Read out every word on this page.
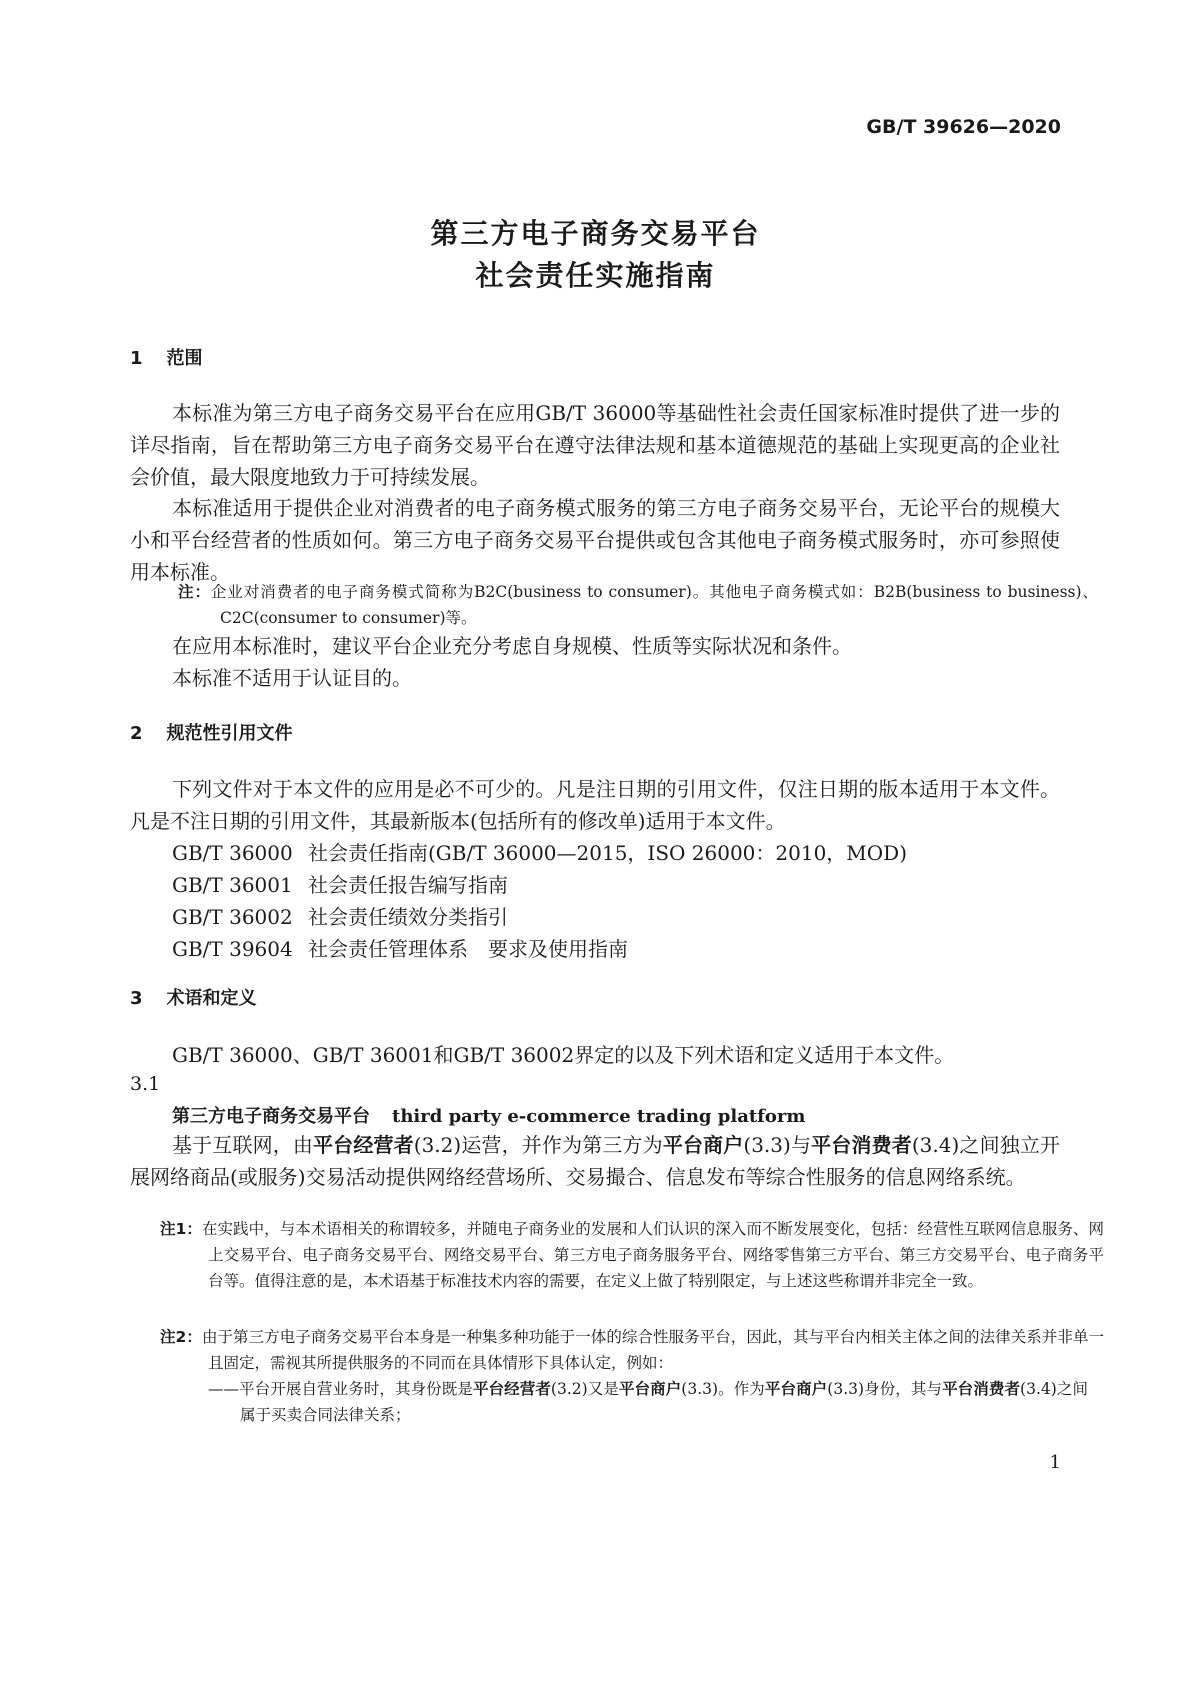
GB/T 39626—2020
第三方电子商务交易平台
社会责任实施指南
1 范围

本标准为第三方电子商务交易平台在应用GB/T 36000等基础性社会责任国家标准时提供了进一步的详尽指南，旨在帮助第三方电子商务交易平台在遵守法律法规和基本道德规范的基础上实现更高的企业社会价值，最大限度地致力于可持续发展。

本标准适用于提供企业对消费者的电子商务模式服务的第三方电子商务交易平台，无论平台的规模大小和平台经营者的性质如何。第三方电子商务交易平台提供或包含其他电子商务模式服务时，亦可参照使用本标准。

注：企业对消费者的电子商务模式简称为B2C(business to consumer)。其他电子商务模式如：B2B(business to business)、C2C(consumer to consumer)等。

在应用本标准时，建议平台企业充分考虑自身规模、性质等实际状况和条件。

本标准不适用于认证目的。

2 规范性引用文件

下列文件对于本文件的应用是必不可少的。凡是注日期的引用文件，仅注日期的版本适用于本文件。凡是不注日期的引用文件，其最新版本(包括所有的修改单)适用于本文件。

GB/T 36000 社会责任指南(GB/T 36000—2015，ISO 26000：2010，MOD)
GB/T 36001 社会责任报告编写指南
GB/T 36002 社会责任绩效分类指引
GB/T 39604 社会责任管理体系　要求及使用指南
3 术语和定义

GB/T 36000、GB/T 36001和GB/T 36002界定的以及下列术语和定义适用于本文件。

3.1
第三方电子商务交易平台 third party e-commerce trading platform

基于互联网，由平台经营者(3.2)运营，并作为第三方为平台商户(3.3)与平台消费者(3.4)之间独立开展网络商品(或服务)交易活动提供网络经营场所、交易撮合、信息发布等综合性服务的信息网络系统。

注1：在实践中，与本术语相关的称谓较多，并随电子商务业的发展和人们认识的深入而不断发展变化，包括：经营性互联网信息服务、网上交易平台、电子商务交易平台、网络交易平台、第三方电子商务服务平台、网络零售第三方平台、第三方交易平台、电子商务平台等。值得注意的是，本术语基于标准技术内容的需要，在定义上做了特别限定，与上述这些称谓并非完全一致。
注2：由于第三方电子商务交易平台本身是一种集多种功能于一体的综合性服务平台，因此，其与平台内相关主体之间的法律关系并非单一且固定，需视其所提供服务的不同而在具体情形下具体认定，例如：
——平台开展自营业务时，其身份既是平台经营者(3.2)又是平台商户(3.3)。作为平台商户(3.3)身份，其与平台消费者(3.4)之间属于买卖合同法律关系；
1
